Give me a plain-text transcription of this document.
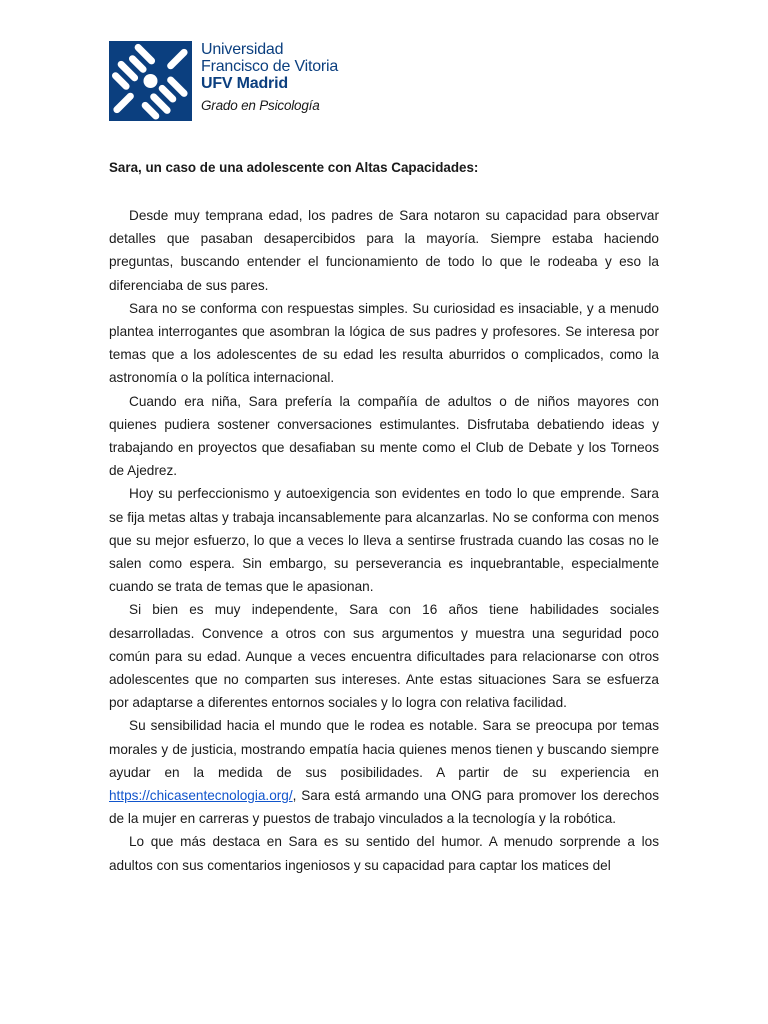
Universidad
Francisco de Vitoria
UFV Madrid
Grado en Psicología
Sara, un caso de una adolescente con Altas Capacidades:

Desde muy temprana edad, los padres de Sara notaron su capacidad para observar detalles que pasaban desapercibidos para la mayoría. Siempre estaba haciendo preguntas, buscando entender el funcionamiento de todo lo que le rodeaba y eso la diferenciaba de sus pares.

Sara no se conforma con respuestas simples. Su curiosidad es insaciable, y a menudo plantea interrogantes que asombran la lógica de sus padres y profesores. Se interesa por temas que a los adolescentes de su edad les resulta aburridos o complicados, como la astronomía o la política internacional.

Cuando era niña, Sara prefería la compañía de adultos o de niños mayores con quienes pudiera sostener conversaciones estimulantes. Disfrutaba debatiendo ideas y trabajando en proyectos que desafiaban su mente como el Club de Debate y los Torneos de Ajedrez.

Hoy su perfeccionismo y autoexigencia son evidentes en todo lo que emprende. Sara se fija metas altas y trabaja incansablemente para alcanzarlas. No se conforma con menos que su mejor esfuerzo, lo que a veces lo lleva a sentirse frustrada cuando las cosas no le salen como espera. Sin embargo, su perseverancia es inquebrantable, especialmente cuando se trata de temas que le apasionan.

Si bien es muy independente, Sara con 16 años tiene habilidades sociales desarrolladas. Convence a otros con sus argumentos y muestra una seguridad poco común para su edad. Aunque a veces encuentra dificultades para relacionarse con otros adolescentes que no comparten sus intereses. Ante estas situaciones Sara se esfuerza por adaptarse a diferentes entornos sociales y lo logra con relativa facilidad.

Su sensibilidad hacia el mundo que le rodea es notable. Sara se preocupa por temas morales y de justicia, mostrando empatía hacia quienes menos tienen y buscando siempre ayudar en la medida de sus posibilidades. A partir de su experiencia en https://chicasentecnologia.org/, Sara está armando una ONG para promover los derechos de la mujer en carreras y puestos de trabajo vinculados a la tecnología y la robótica.

Lo que más destaca en Sara es su sentido del humor. A menudo sorprende a los adultos con sus comentarios ingeniosos y su capacidad para captar los matices del
